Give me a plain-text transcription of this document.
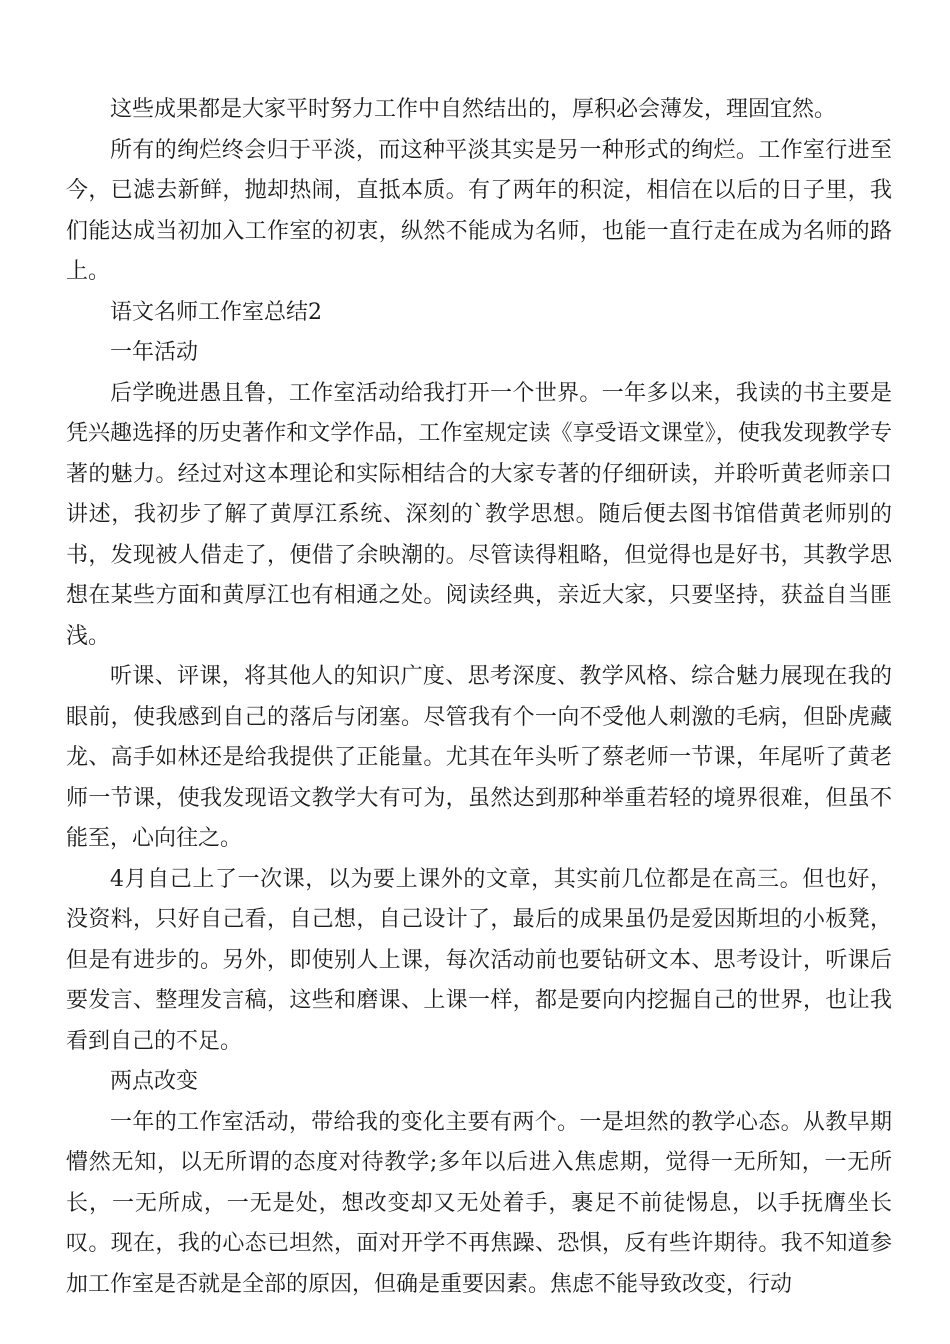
这些成果都是大家平时努力工作中自然结出的，厚积必会薄发，理固宜然。

所有的绚烂终会归于平淡，而这种平淡其实是另一种形式的绚烂。工作室行进至今，已滤去新鲜，抛却热闹，直抵本质。有了两年的积淀，相信在以后的日子里，我们能达成当初加入工作室的初衷，纵然不能成为名师，也能一直行走在成为名师的路上。

语文名师工作室总结2

一年活动

后学晚进愚且鲁，工作室活动给我打开一个世界。一年多以来，我读的书主要是凭兴趣选择的历史著作和文学作品，工作室规定读《享受语文课堂》，使我发现教学专著的魅力。经过对这本理论和实际相结合的大家专著的仔细研读，并聆听黄老师亲口讲述，我初步了解了黄厚江系统、深刻的`教学思想。随后便去图书馆借黄老师别的书，发现被人借走了，便借了余映潮的。尽管读得粗略，但觉得也是好书，其教学思想在某些方面和黄厚江也有相通之处。阅读经典，亲近大家，只要坚持，获益自当匪浅。

听课、评课，将其他人的知识广度、思考深度、教学风格、综合魅力展现在我的眼前，使我感到自己的落后与闭塞。尽管我有个一向不受他人刺激的毛病，但卧虎藏龙、高手如林还是给我提供了正能量。尤其在年头听了蔡老师一节课，年尾听了黄老师一节课，使我发现语文教学大有可为，虽然达到那种举重若轻的境界很难，但虽不能至，心向往之。

4月自己上了一次课，以为要上课外的文章，其实前几位都是在高三。但也好，没资料，只好自己看，自己想，自己设计了，最后的成果虽仍是爱因斯坦的小板凳，但是有进步的。另外，即使别人上课，每次活动前也要钻研文本、思考设计，听课后要发言、整理发言稿，这些和磨课、上课一样，都是要向内挖掘自己的世界，也让我看到自己的不足。

两点改变

一年的工作室活动，带给我的变化主要有两个。一是坦然的教学心态。从教早期懵然无知，以无所谓的态度对待教学;多年以后进入焦虑期，觉得一无所知，一无所长，一无所成，一无是处，想改变却又无处着手，裹足不前徒惕息，以手抚膺坐长叹。现在，我的心态已坦然，面对开学不再焦躁、恐惧，反有些许期待。我不知道参加工作室是否就是全部的原因，但确是重要因素。焦虑不能导致改变，行动
